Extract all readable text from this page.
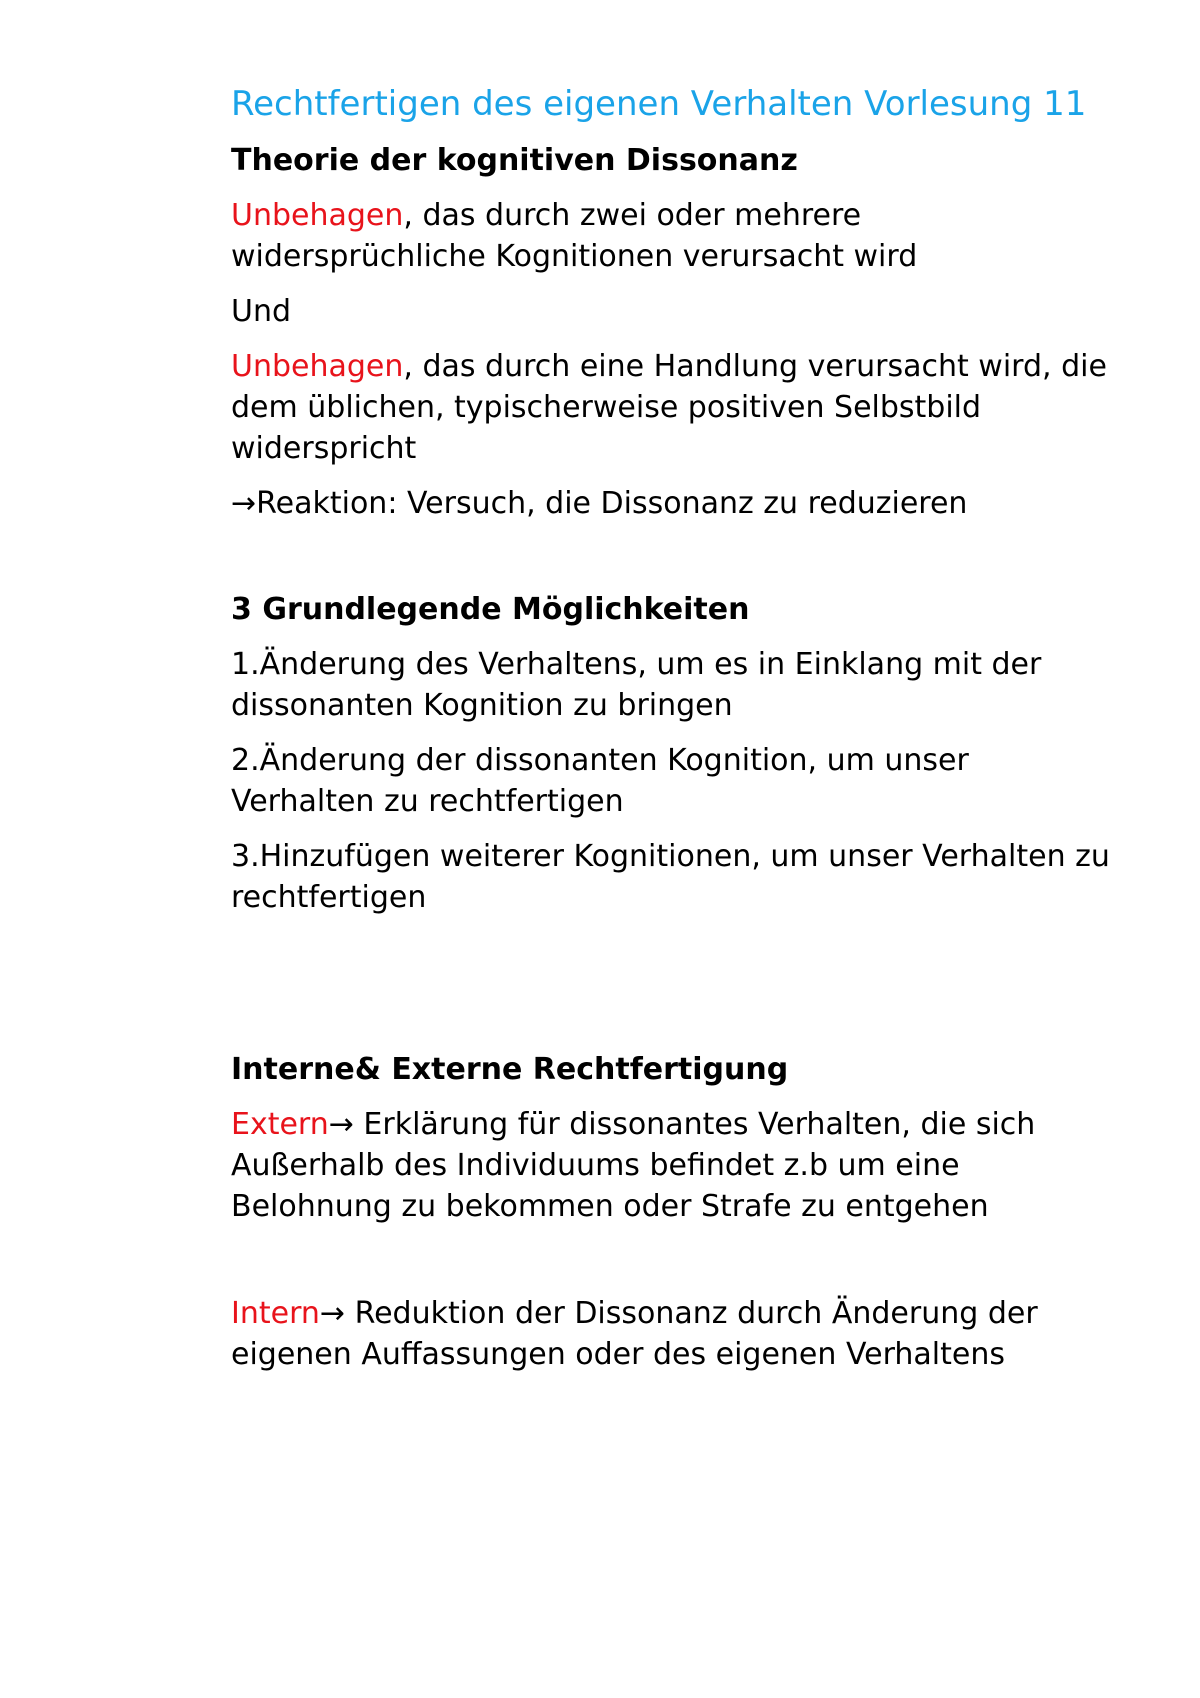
Rechtfertigen des eigenen Verhalten Vorlesung 11
Theorie der kognitiven Dissonanz
Unbehagen, das durch zwei oder mehrere widersprüchliche Kognitionen verursacht wird
Und
Unbehagen, das durch eine Handlung verursacht wird, die dem üblichen, typischerweise positiven Selbstbild widerspricht
→Reaktion: Versuch, die Dissonanz zu reduzieren
3 Grundlegende Möglichkeiten
1.Änderung des Verhaltens, um es in Einklang mit der dissonanten Kognition zu bringen
2.Änderung der dissonanten Kognition, um unser Verhalten zu rechtfertigen
3.Hinzufügen weiterer Kognitionen, um unser Verhalten zu rechtfertigen
Interne& Externe Rechtfertigung
Extern→ Erklärung für dissonantes Verhalten, die sich Außerhalb des Individuums befindet z.b um eine Belohnung zu bekommen oder Strafe zu entgehen
Intern→ Reduktion der Dissonanz durch Änderung der eigenen Auffassungen oder des eigenen Verhaltens
